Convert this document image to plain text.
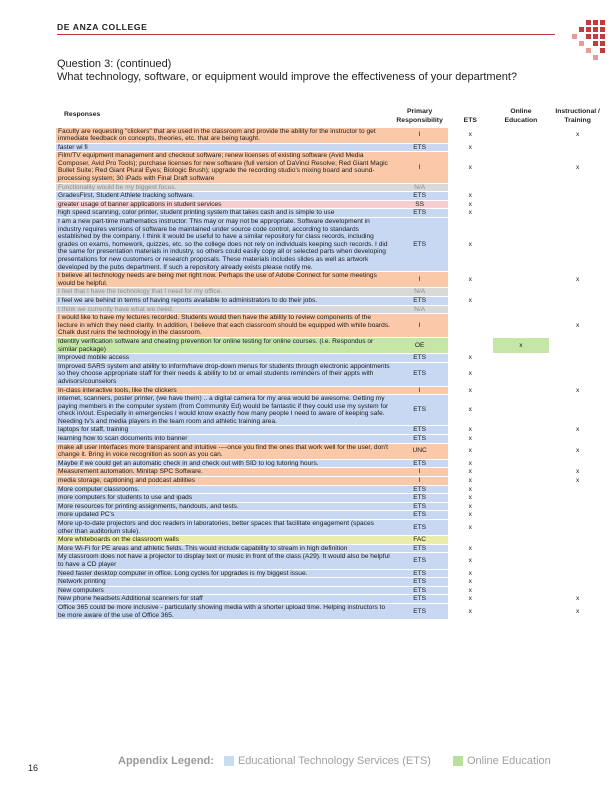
DE ANZA COLLEGE
Question 3: (continued)
What technology, software, or equipment would improve the effectiveness of your department?
Responses	Primary Responsibility	ETS	Online Education	Instructional / Training
Faculty are requesting "clickers" that are used in the classroom and provide the ability for the instructor to get immediate feedback on concepts, theories, etc. that are being taught.	I	x		x
faster wi fi	ETS	x		
Film/TV equipment management and checkout software; renew licenses of existing software (Avid Media Composer, Avid Pro Tools); purchase licenses for new software (full version of DaVinci Resolve; Red Giant Magic Bullet Suite; Red Giant Plural Eyes; Biologic Brush); upgrade the recording studio's mixing board and sound-processing system; 30 iPads with Final Draft software	I	x		x
Functionality would be my biggest focus.	N/A			
GradesFirst, Student Athlete tracking software.	ETS	x		
greater usage of banner applications in student services	SS	x		
high speed scanning, color printer, student printing system that takes cash and is simple to use	ETS	x		
I am a new part-time mathematics instructor. This may or may not be appropriate. Software development in industry requires versions of software be maintained under source code control, according to standards established by the company. I think it would be useful to have a similar repository for class records, including grades on exams, homework, quizzes, etc. so the college does not rely on individuals keeping such records. I did the same for presentation materials in industry, so others could easily copy all or selected parts when developing presentations for new customers or research proposals. These materials includes slides as well as artwork developed by the pubs department. If such a repository already exists please notify me.	ETS	x		
I believe all technology needs are being met right now. Perhaps the use of Adobe Connect for some meetings would be helpful.	I	x		x
I feel that I have the technology that I need for my office.	N/A			
I feel we are behind in terms of having reports available to administrators to do their jobs.	ETS	x		
I think we currently have what we need.	N/A			
I would like to have my lectures recorded. Students would then have the ability to review components of the lecture in which they need clarity. In addition, I believe that each classroom should be equipped with white boards. Chalk dust ruins the technology in the classroom.	I			x
Identity verification software and cheating prevention for online testing for online courses. (i.e. Respondus or similar package)	OE		x	
Improved mobile access	ETS	x		
Improved SARS system and ability to inform/have drop-down menus for students through electronic appointments so they choose appropriate staff for their needs & ability to txt or email students reminders of their appts with advisors/counselors	ETS	x		
In-class interactive tools, like the clickers	I	x		x
internet, scanners, poster printer, (we have them) .. a digital camera for my area would be awesome. Getting my paying members in the computer system (from Community Ed) would be fantastic if they could use my system for check in/out. Especially in emergencies I would know exactly how many people I need to aware of keeping safe. Needing tv's and media players in the team room and athletic training area.	ETS	x		
laptops for staff, training	ETS	x		x
learning how to scan documents into banner	ETS	x		
make all user interfaces more transparent and intuitive ----once you find the ones that work well for the user, don't change it. Bring in voice recognition as soon as you can.	UNC	x		x
Maybe if we could get an automatic check in and check out with SID to log tutoring hours.	ETS	x		
Measurement automation. Minitap SPC Software.	I	x		x
media storage, captioning and podcast abilities	I	x		x
More computer classrooms.	ETS	x		
more computers for students to use and ipads	ETS	x		
More resources for printing assignments, handouts, and tests.	ETS	x		
more updated PC's	ETS	x		
More up-to-date projectors and doc readers in laboratories, better spaces that facilitate engagement (spaces other than auditorium stule).	ETS	x		
More whiteboards on the classroom walls	FAC			
More Wi-Fi for PE areas and athletic fields. This would include capability to stream in high definition	ETS	x		
My classroom does not have a projector to display text or music in front of the class (A29). It would also be helpful to have a CD player	ETS	x		
Need faster desktop computer in office. Long cycles for upgrades is my biggest issue.	ETS	x		
Network printing	ETS	x		
New computers	ETS	x		
New phone headsets Additional scanners for staff	ETS	x		x
Office 365 could be more inclusive - particularly showing media with a shorter upload time. Helping instructors to be more aware of the use of Office 365.	ETS	x		x
16
Appendix Legend: Educational Technology Services (ETS)	Online Education
